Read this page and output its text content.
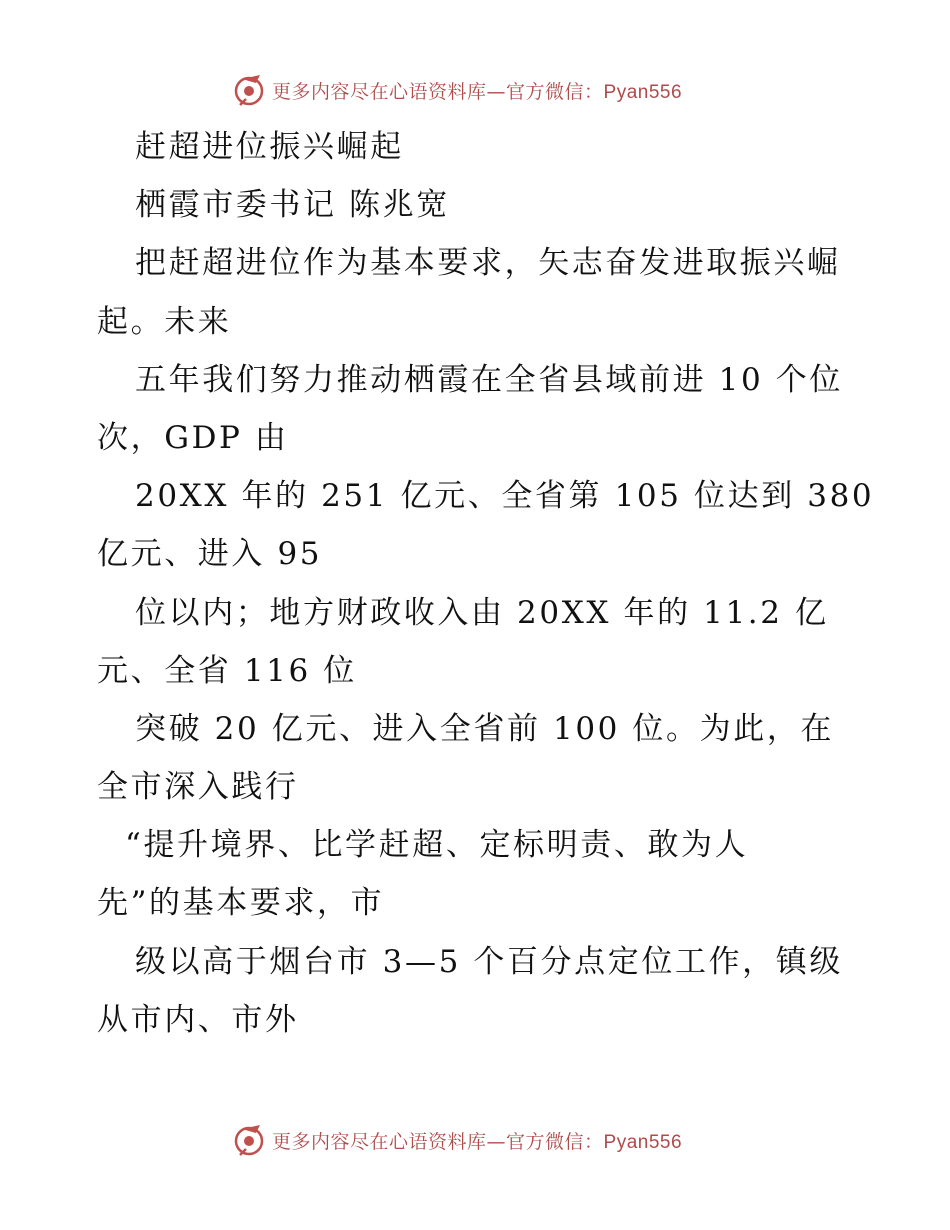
更多内容尽在心语资料库—官方微信：Pyan556
赶超进位振兴崛起
栖霞市委书记 陈兆宽
把赶超进位作为基本要求，矢志奋发进取振兴崛
起。未来
五年我们努力推动栖霞在全省县域前进 10 个位
次，GDP 由
20XX 年的 251 亿元、全省第 105 位达到 380
亿元、进入 95
位以内；地方财政收入由 20XX 年的 11.2 亿
元、全省 116 位
突破 20 亿元、进入全省前 100 位。为此，在
全市深入践行
“提升境界、比学赶超、定标明责、敢为人
先”的基本要求，市
级以高于烟台市 3—5 个百分点定位工作，镇级
从市内、市外
更多内容尽在心语资料库—官方微信：Pyan556
